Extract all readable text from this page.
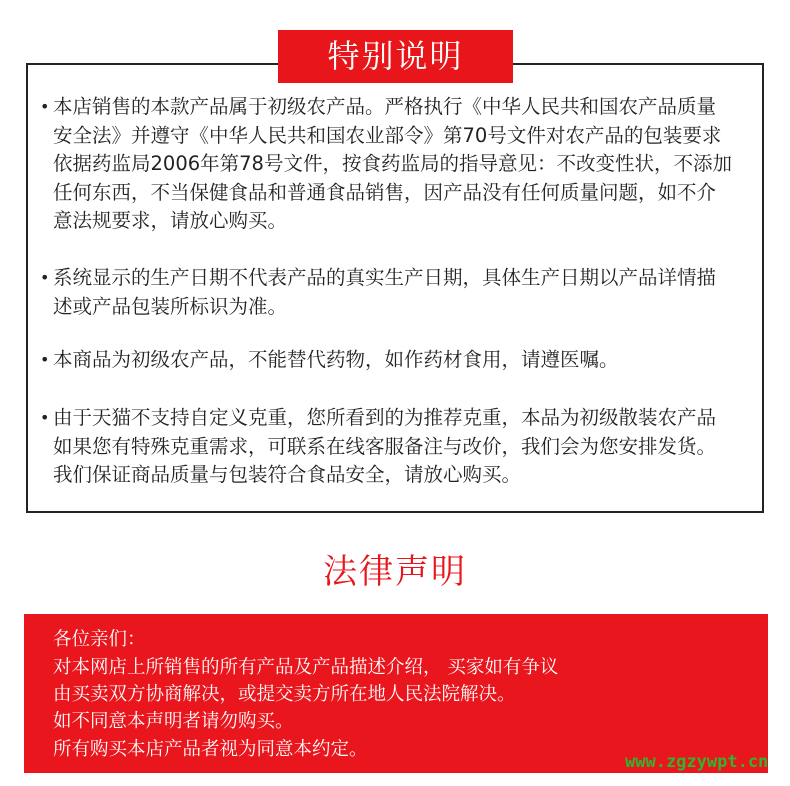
特别说明
• 本店销售的本款产品属于初级农产品。严格执行《中华人民共和国农产品质量
安全法》并遵守《中华人民共和国农业部令》第70号文件对农产品的包装要求
依据药监局2006年第78号文件，按食药监局的指导意见：不改变性状，不添加
任何东西，不当保健食品和普通食品销售，因产品没有任何质量问题，如不介
意法规要求，请放心购买。
• 系统显示的生产日期不代表产品的真实生产日期，具体生产日期以产品详情描
述或产品包装所标识为准。
• 本商品为初级农产品，不能替代药物，如作药材食用，请遵医嘱。
• 由于天猫不支持自定义克重，您所看到的为推荐克重，本品为初级散装农产品
如果您有特殊克重需求，可联系在线客服备注与改价，我们会为您安排发货。
我们保证商品质量与包装符合食品安全，请放心购买。
法律声明
各位亲们：
对本网店上所销售的所有产品及产品描述介绍， 买家如有争议
由买卖双方协商解决，或提交卖方所在地人民法院解决。
如不同意本声明者请勿购买。
所有购买本店产品者视为同意本约定。
www.zgzywpt.cn
